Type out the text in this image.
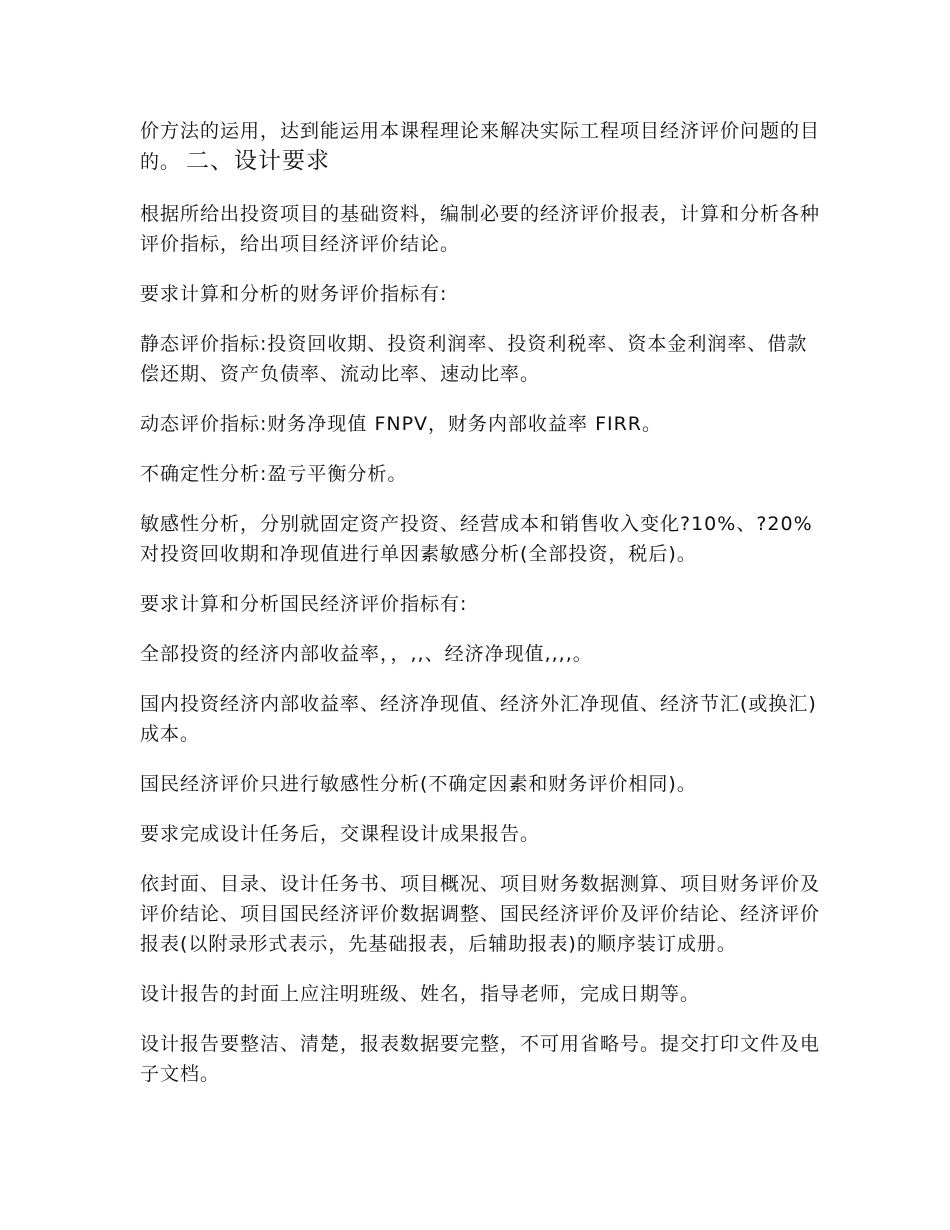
价方法的运用，达到能运用本课程理论来解决实际工程项目经济评价问题的目的。 二、设计要求

根据所给出投资项目的基础资料，编制必要的经济评价报表，计算和分析各种评价指标，给出项目经济评价结论。

要求计算和分析的财务评价指标有:

静态评价指标:投资回收期、投资利润率、投资利税率、资本金利润率、借款偿还期、资产负债率、流动比率、速动比率。

动态评价指标:财务净现值 FNPV，财务内部收益率 FIRR。

不确定性分析:盈亏平衡分析。

敏感性分析，分别就固定资产投资、经营成本和销售收入变化?10%、?20%对投资回收期和净现值进行单因素敏感分析(全部投资，税后)。

要求计算和分析国民经济评价指标有:

全部投资的经济内部收益率，，,,、经济净现值,,,,。

国内投资经济内部收益率、经济净现值、经济外汇净现值、经济节汇(或换汇)成本。

国民经济评价只进行敏感性分析(不确定因素和财务评价相同)。

要求完成设计任务后，交课程设计成果报告。

依封面、目录、设计任务书、项目概况、项目财务数据测算、项目财务评价及评价结论、项目国民经济评价数据调整、国民经济评价及评价结论、经济评价报表(以附录形式表示，先基础报表，后辅助报表)的顺序装订成册。

设计报告的封面上应注明班级、姓名，指导老师，完成日期等。

设计报告要整洁、清楚，报表数据要完整，不可用省略号。提交打印文件及电子文档。
